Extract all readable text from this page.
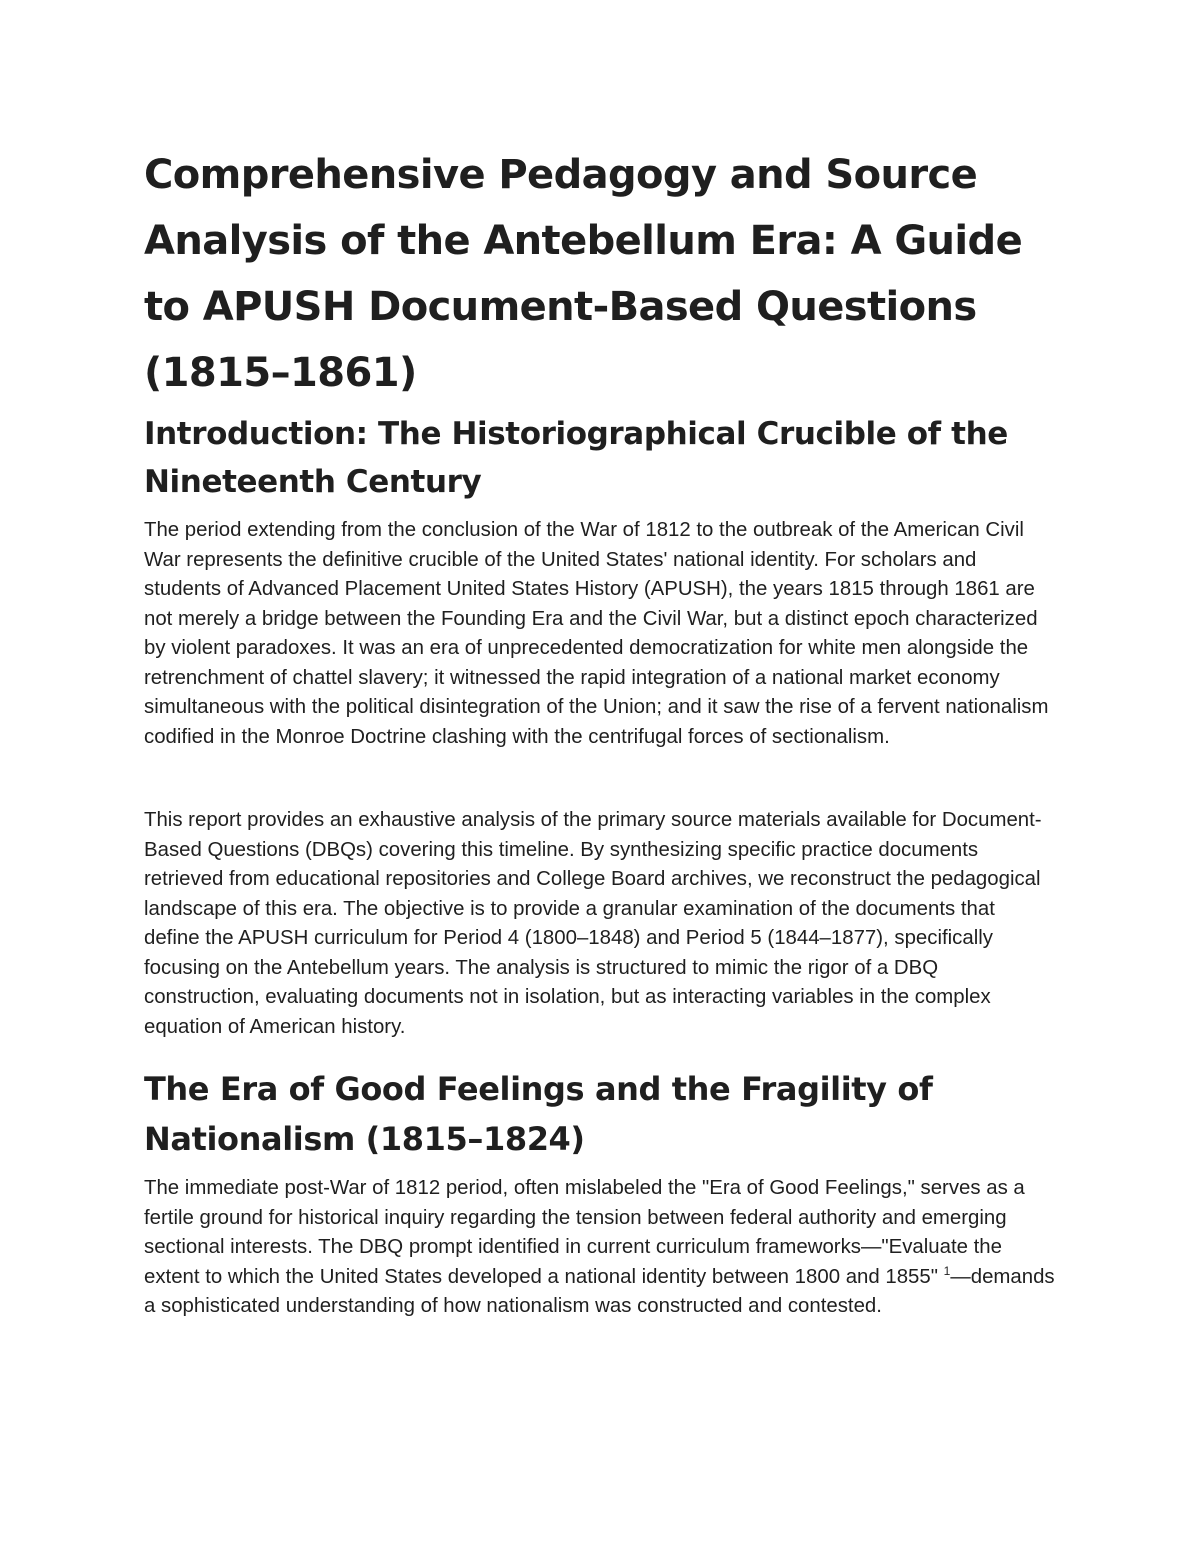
Comprehensive Pedagogy and Source Analysis of the Antebellum Era: A Guide to APUSH Document-Based Questions (1815–1861)
Introduction: The Historiographical Crucible of the Nineteenth Century

The period extending from the conclusion of the War of 1812 to the outbreak of the American Civil War represents the definitive crucible of the United States' national identity. For scholars and students of Advanced Placement United States History (APUSH), the years 1815 through 1861 are not merely a bridge between the Founding Era and the Civil War, but a distinct epoch characterized by violent paradoxes. It was an era of unprecedented democratization for white men alongside the retrenchment of chattel slavery; it witnessed the rapid integration of a national market economy simultaneous with the political disintegration of the Union; and it saw the rise of a fervent nationalism codified in the Monroe Doctrine clashing with the centrifugal forces of sectionalism.

This report provides an exhaustive analysis of the primary source materials available for Document-Based Questions (DBQs) covering this timeline. By synthesizing specific practice documents retrieved from educational repositories and College Board archives, we reconstruct the pedagogical landscape of this era. The objective is to provide a granular examination of the documents that define the APUSH curriculum for Period 4 (1800–1848) and Period 5 (1844–1877), specifically focusing on the Antebellum years. The analysis is structured to mimic the rigor of a DBQ construction, evaluating documents not in isolation, but as interacting variables in the complex equation of American history.

The Era of Good Feelings and the Fragility of Nationalism (1815–1824)

The immediate post-War of 1812 period, often mislabeled the "Era of Good Feelings," serves as a fertile ground for historical inquiry regarding the tension between federal authority and emerging sectional interests. The DBQ prompt identified in current curriculum frameworks—"Evaluate the extent to which the United States developed a national identity between 1800 and 1855" $^1$—demands a sophisticated understanding of how nationalism was constructed and contested.
